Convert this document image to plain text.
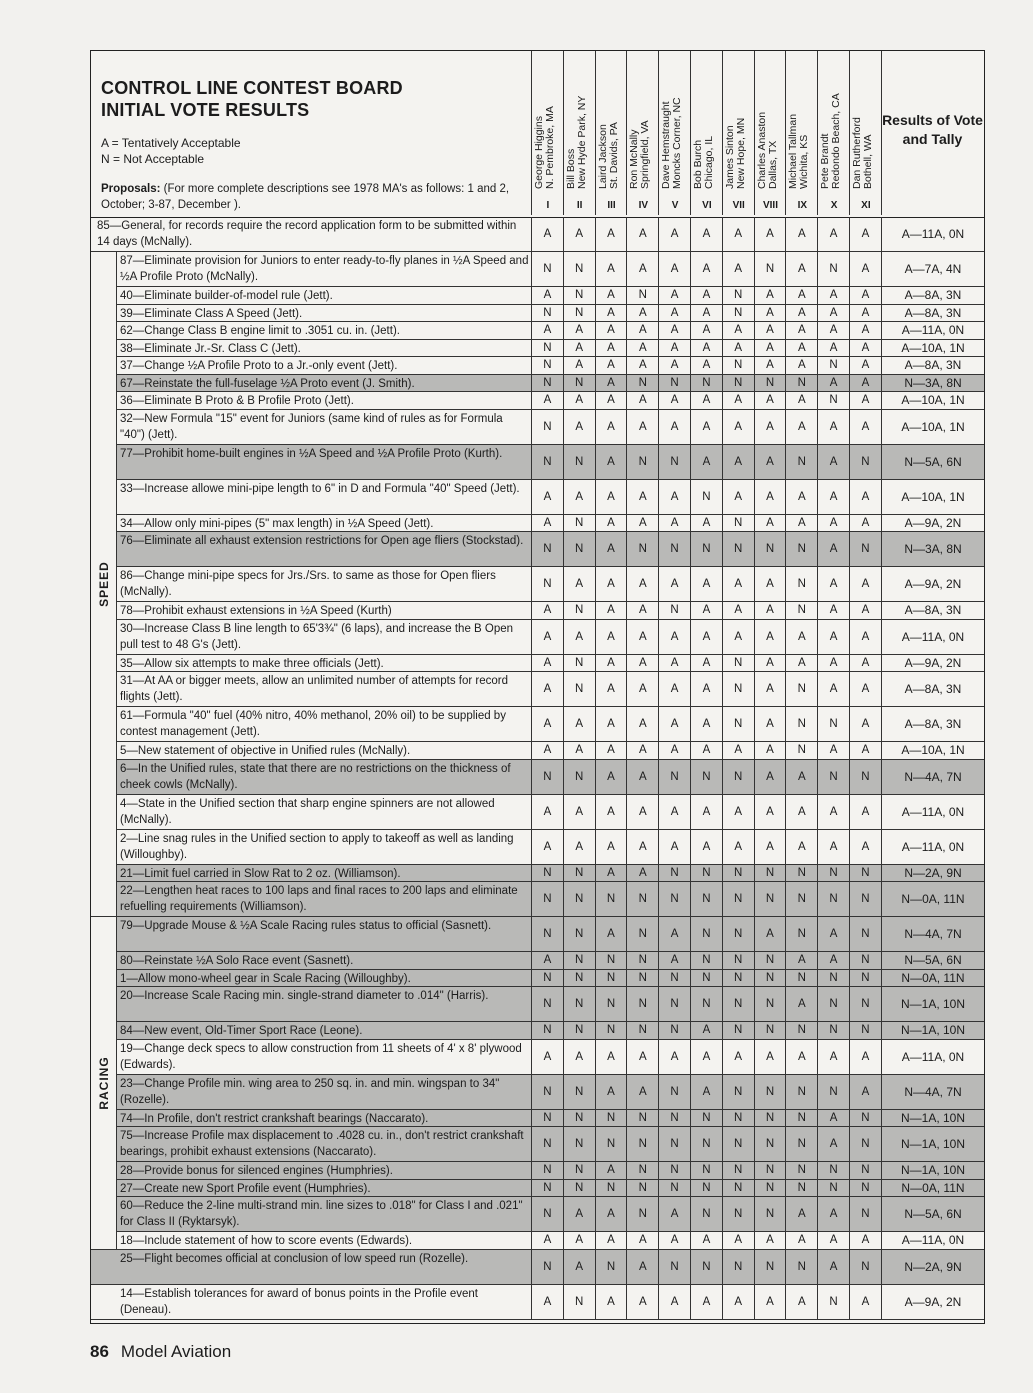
CONTROL LINE CONTEST BOARD
INITIAL VOTE RESULTS
A = Tentatively Acceptable
N = Not Acceptable
Proposals: (For more complete descriptions see 1978 MA's as follows: 1 and 2, October; 3-87, December ).
George Higgins
N. Pembroke, MA
I
Bill Boss
New Hyde Park, NY
II
Laird Jackson
St. Davids, PA
III
Ron McNally
Springfield, VA
IV
Dave Hemstraught
Moncks Corner, NC
V
Bob Burch
Chicago, IL
VI
James Sinton
New Hope, MN
VII
Charles Anaston
Dallas, TX
VIII
Michael Tallman
Wichita, KS
IX
Pete Brandt
Redondo Beach, CA
X
Dan Rutherford
Bothell, WA
XI
Results of Vote and Tally
85—General, for records require the record application form to be submitted within 14 days (McNally).
A	A	A	A	A	A	A	A	A	A	A	A—11A, 0N
87—Eliminate provision for Juniors to enter ready-to-fly planes in ½A Speed and ½A Profile Proto (McNally).
N	N	A	A	A	A	A	N	A	N	A	A—7A, 4N
40—Eliminate builder-of-model rule (Jett).	A	N	A	N	A	A	N	A	A	A	A	A—8A, 3N
39—Eliminate Class A Speed (Jett).	N	N	A	A	A	A	N	A	A	A	A	A—8A, 3N
62—Change Class B engine limit to .3051 cu. in. (Jett).	A	A	A	A	A	A	A	A	A	A	A	A—11A, 0N
38—Eliminate Jr.-Sr. Class C (Jett).	N	A	A	A	A	A	A	A	A	A	A	A—10A, 1N
37—Change ½A Profile Proto to a Jr.-only event (Jett).	N	A	A	A	A	A	N	A	A	N	A	A—8A, 3N
67—Reinstate the full-fuselage ½A Proto event (J. Smith).	N	N	A	N	N	N	N	N	N	A	A	N—3A, 8N
36—Eliminate B Proto & B Profile Proto (Jett).	A	A	A	A	A	A	A	A	A	N	A	A—10A, 1N
32—New Formula "15" event for Juniors (same kind of rules as for Formula "40") (Jett).
N	A	A	A	A	A	A	A	A	A	A	A—10A, 1N
77—Prohibit home-built engines in ½A Speed and ½A Profile Proto (Kurth).
N	N	A	N	N	A	A	A	N	A	N	N—5A, 6N
33—Increase allowe mini-pipe length to 6" in D and Formula "40" Speed (Jett).
A	A	A	A	A	N	A	A	A	A	A	A—10A, 1N
34—Allow only mini-pipes (5" max length) in ½A Speed (Jett).	A	N	A	A	A	A	N	A	A	A	A	A—9A, 2N
76—Eliminate all exhaust extension restrictions for Open age fliers (Stockstad).
N	N	A	N	N	N	N	N	N	A	N	N—3A, 8N
86—Change mini-pipe specs for Jrs./Srs. to same as those for Open fliers (McNally).
N	A	A	A	A	A	A	A	N	A	A	A—9A, 2N
78—Prohibit exhaust extensions in ½A Speed (Kurth)	A	N	A	A	N	A	A	A	N	A	A	A—8A, 3N
30—Increase Class B line length to 65'3¾" (6 laps), and increase the B Open pull test to 48 G's (Jett).
A	A	A	A	A	A	A	A	A	A	A	A—11A, 0N
35—Allow six attempts to make three officials (Jett).	A	N	A	A	A	A	N	A	A	A	A	A—9A, 2N
31—At AA or bigger meets, allow an unlimited number of attempts for record flights (Jett).
A	N	A	A	A	A	N	A	N	A	A	A—8A, 3N
61—Formula "40" fuel (40% nitro, 40% methanol, 20% oil) to be supplied by contest management (Jett).
A	A	A	A	A	A	N	A	N	N	A	A—8A, 3N
5—New statement of objective in Unified rules (McNally).	A	A	A	A	A	A	A	A	N	A	A	A—10A, 1N
6—In the Unified rules, state that there are no restrictions on the thickness of cheek cowls (McNally).
N	N	A	A	N	N	N	A	A	N	N	N—4A, 7N
4—State in the Unified section that sharp engine spinners are not allowed (McNally).
A	A	A	A	A	A	A	A	A	A	A	A—11A, 0N
2—Line snag rules in the Unified section to apply to takeoff as well as landing (Willoughby).
A	A	A	A	A	A	A	A	A	A	A	A—11A, 0N
21—Limit fuel carried in Slow Rat to 2 oz. (Williamson).	N	N	A	A	N	N	N	N	N	N	N	N—2A, 9N
22—Lengthen heat races to 100 laps and final races to 200 laps and eliminate refuelling requirements (Williamson).
N	N	N	N	N	N	N	N	N	N	N	N—0A, 11N
79—Upgrade Mouse & ½A Scale Racing rules status to official (Sasnett).
N	N	A	N	A	N	N	A	N	A	N	N—4A, 7N
80—Reinstate ½A Solo Race event (Sasnett).	A	N	N	N	A	N	N	N	A	A	N	N—5A, 6N
1—Allow mono-wheel gear in Scale Racing (Willoughby).	N	N	N	N	N	N	N	N	N	N	N	N—0A, 11N
20—Increase Scale Racing min. single-strand diameter to .014" (Harris).
N	N	N	N	N	N	N	N	A	N	N	N—1A, 10N
84—New event, Old-Timer Sport Race (Leone).	N	N	N	N	N	A	N	N	N	N	N	N—1A, 10N
19—Change deck specs to allow construction from 11 sheets of 4' x 8' plywood (Edwards).
A	A	A	A	A	A	A	A	A	A	A	A—11A, 0N
23—Change Profile min. wing area to 250 sq. in. and min. wingspan to 34" (Rozelle).
N	N	A	A	N	A	N	N	N	N	A	N—4A, 7N
74—In Profile, don't restrict crankshaft bearings (Naccarato).	N	N	N	N	N	N	N	N	N	A	N	N—1A, 10N
75—Increase Profile max displacement to .4028 cu. in., don't restrict crankshaft bearings, prohibit exhaust extensions (Naccarato).
N	N	N	N	N	N	N	N	N	A	N	N—1A, 10N
28—Provide bonus for silenced engines (Humphries).	N	N	A	N	N	N	N	N	N	N	N	N—1A, 10N
27—Create new Sport Profile event (Humphries).	N	N	N	N	N	N	N	N	N	N	N	N—0A, 11N
60—Reduce the 2-line multi-strand min. line sizes to .018" for Class I and .021" for Class II (Ryktarsyk).
N	A	A	N	A	N	N	N	A	A	N	N—5A, 6N
18—Include statement of how to score events (Edwards).	A	A	A	A	A	A	A	A	A	A	A	A—11A, 0N
25—Flight becomes official at conclusion of low speed run (Rozelle).
N	A	N	A	N	N	N	N	N	A	N	N—2A, 9N
14—Establish tolerances for award of bonus points in the Profile event (Deneau).
A	N	A	A	A	A	A	A	A	N	A	A—9A, 2N
SPEED
RACING
86 Model Aviation
